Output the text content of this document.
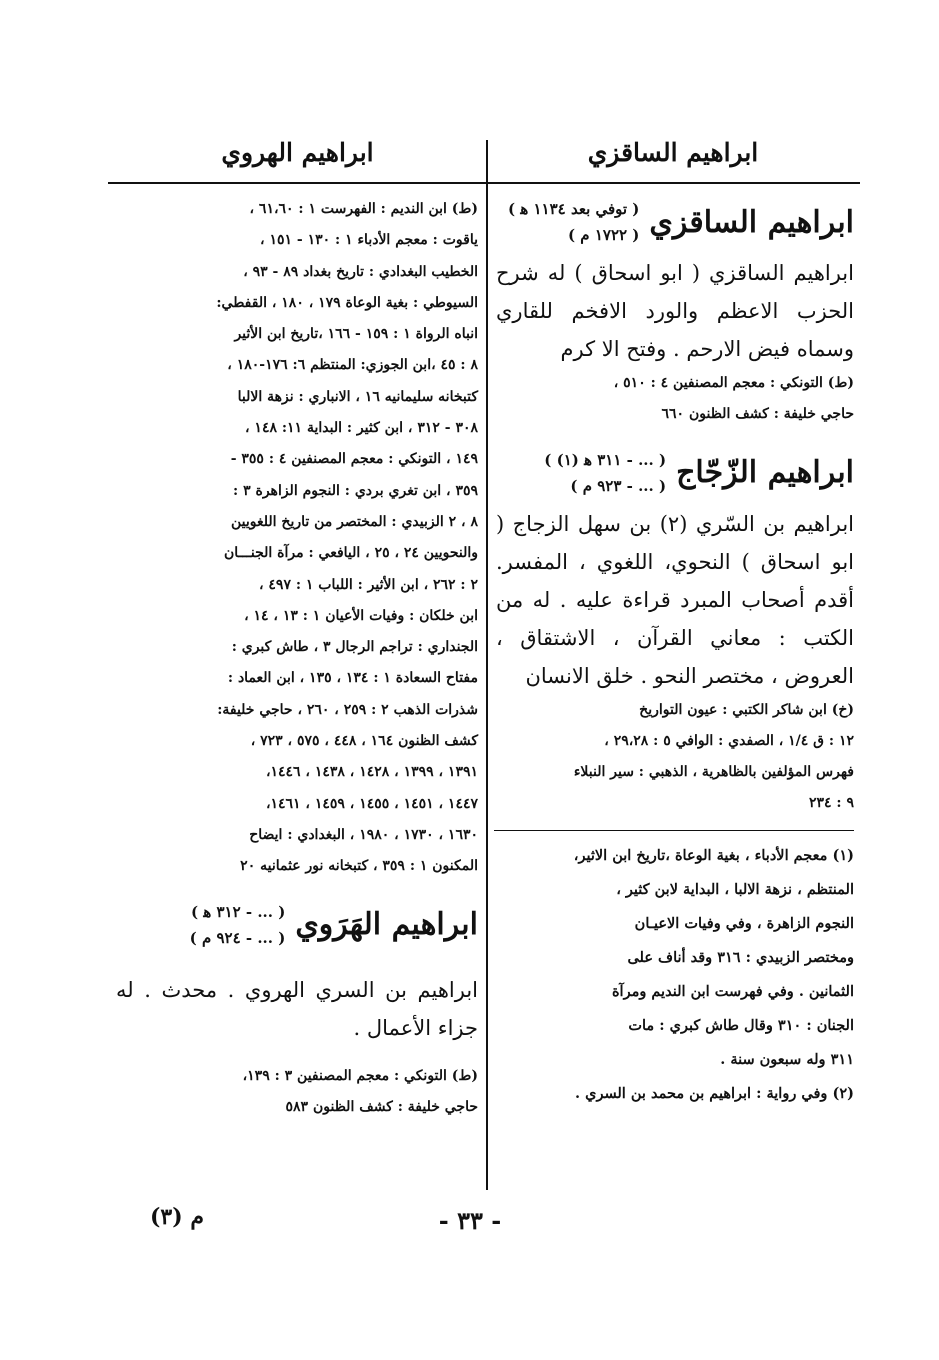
ابراهيم الساقزي
ابراهيم الهروي
ابراهيم الساقزي
( توفي بعد ١١٣٤ ﻫ )
( ١٧٢٢ م )

ابراهيم الساقزي ( ابو اسحاق ) له شرح الحزب الاعظم والورد الافخم للقاري وسماه فيض الارحم . وفتح الا كرم

(ط) التونكي : معجم المصنفين ٤ : ٥١٠ ،

حاجي خليفة : كشف الظنون ٦٦٠

ابراهيم الزّجّاج
( ... - ٣١١ ﻫ (١) )
( ... - ٩٢٣ م )

ابراهيم بن السّري (٢) بن سهل الزجاج ( ابو اسحاق ) النحوي، اللغوي ، المفسر. أقدم أصحاب المبرد قراءة عليه . له من الكتب : معاني القرآن ، الاشتقاق ، العروض ، مختصر النحو . خلق الانسان

(خ) ابن شاكر الكتبي : عيون التواريخ

١٢ : ق ١/٤ ، الصفدي : الوافي ٥ : ٢٩،٢٨ ،

فهرس المؤلفين بالظاهرية ، الذهبي : سير النبلاء

٩ : ٢٣٤

(١) معجم الأدباء ، بغية الوعاة ،تاريخ ابن الاثير،

المنتظم ، نزهة الالبا ، البداية لابن كثير ،

النجوم الزاهرة ، وفي وفيات الاعيـان

ومختصر الزبيدي : ٣١٦ وقد أناف على

الثمانين . وفي فهرست ابن النديم ومرآة

الجنان : ٣١٠ وقال طاش كبري : مات

٣١١ وله سبعون سنة .

(٢) وفي رواية : ابراهيم بن محمد بن السري .

(ط) ابن النديم : الفهرست ١ : ٦١،٦٠ ،

ياقوت : معجم الأدباء ١ : ١٣٠ - ١٥١ ،

الخطيب البغدادي : تاريخ بغداد ٨٩ - ٩٣ ،

السيوطي : بغية الوعاة ١٧٩ ، ١٨٠ ، القفطي:

انباه الرواة ١ : ١٥٩ - ١٦٦ ،تاريخ ابن الأثير

٨ : ٤٥ ،ابن الجوزي: المنتظم ٦: ١٧٦-١٨٠ ،

كتبخانه سليمانيه ١٦ ، الانباري : نزهة الالبا

٣٠٨ - ٣١٢ ، ابن كثير : البداية ١١: ١٤٨ ،

١٤٩ ، التونكي : معجم المصنفين ٤ : ٣٥٥ -

٣٥٩ ، ابن تغري بردي : النجوم الزاهرة ٣ :

٨ ، ٢ الزبيدي : المختصر من تاريخ اللغويين

والنحويين ٢٤ ، ٢٥ ، اليافعي : مرآة الجنـــان

٢ : ٢٦٢ ، ابن الأثير : اللباب ١ : ٤٩٧ ،

ابن خلكان : وفيات الأعيان ١ : ١٣ ، ١٤ ،

الجنداري : تراجم الرجال ٣ ، طاش كبري :

مفتاح السعادة ١ : ١٣٤ ، ١٣٥ ، ابن العماد :

شذرات الذهب ٢ : ٢٥٩ ، ٢٦٠ ، حاجي خليفة:

كشف الظنون ١٦٤ ، ٤٤٨ ، ٥٧٥ ، ٧٢٣ ،

١٣٩١ ، ١٣٩٩ ، ١٤٢٨ ، ١٤٣٨ ، ١٤٤٦،

١٤٤٧ ، ١٤٥١ ، ١٤٥٥ ، ١٤٥٩ ، ١٤٦١،

١٦٣٠ ، ١٧٣٠ ، ١٩٨٠ ، البغدادي : ايضاح

المكنون ١ : ٣٥٩ ، كتبخانه نور عثمانيه ٢٠

ابراهيم الهَرَوي
( ... - ٣١٢ ﻫ )
( ... - ٩٢٤ م )

ابراهيم بن السري الهروي . محدث . له جزاء الأعمال .

(ط) التونكي : معجم المصنفين ٣ : ١٣٩،

حاجي خليفة : كشف الظنون ٥٨٣

- ٣٣ -
م (٣)
